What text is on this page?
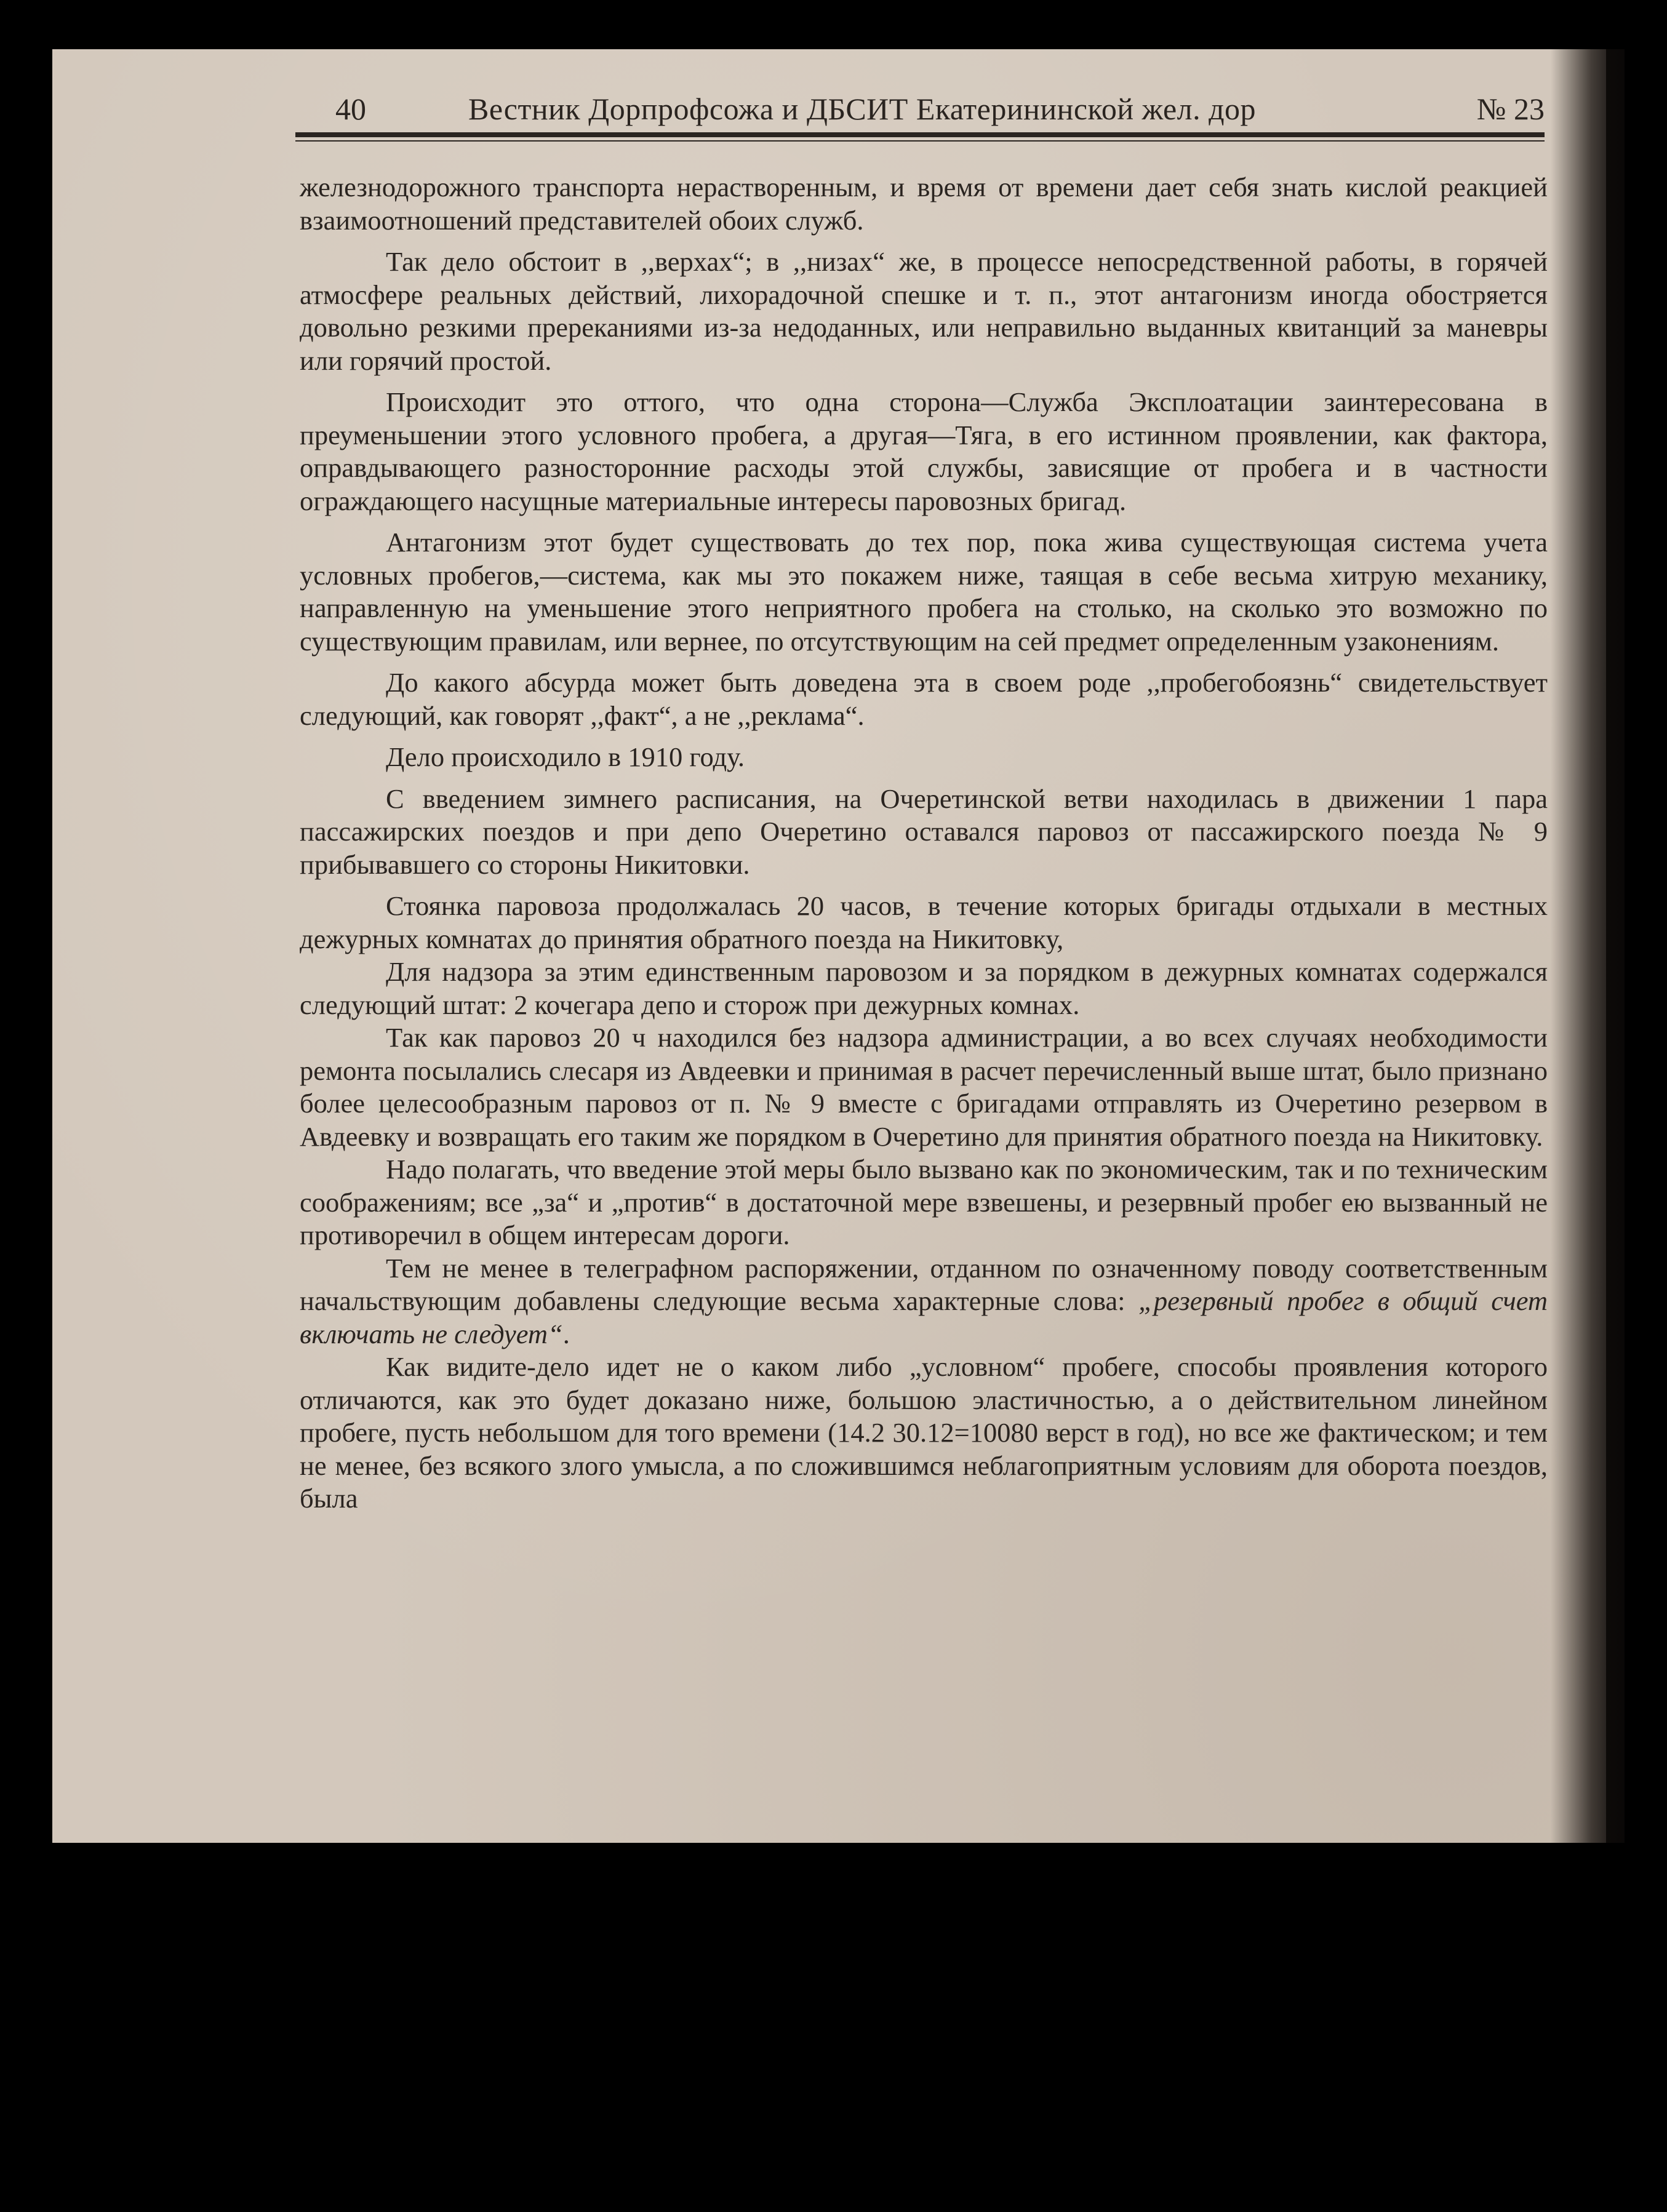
40	Вестник Дорпрофсожа и ДБСИТ Екатерининской жел. дор	№ 23

железнодорожного транспорта нерастворенным, и время от времени дает себя знать кислой реакцией взаимоотношений представителей обоих служб.

Так дело обстоит в ,,верхах“; в ,,низах“ же, в процессе непосредственной работы, в горячей атмосфере реальных действий, лихорадочной спешке и т. п., этот антагонизм иногда обостряется довольно резкими пререканиями из-за недоданных, или неправильно выданных квитанций за маневры или горячий простой.

Происходит это оттого, что одна сторона—Служба Эксплоатации заинтересована в преуменьшении этого условного пробега, а другая—Тяга, в его истинном проявлении, как фактора, оправдывающего разносторонние расходы этой службы, зависящие от пробега и в частности ограждающего насущные материальные интересы паровозных бригад.

Антагонизм этот будет существовать до тех пор, пока жива существующая система учета условных пробегов,—система, как мы это покажем ниже, таящая в себе весьма хитрую механику, направленную на уменьшение этого неприятного пробега на столько, на сколько это возможно по существующим правилам, или вернее, по отсутствующим на сей предмет определенным узаконениям.

До какого абсурда может быть доведена эта в своем роде ,,пробегобоязнь“ свидетельствует следующий, как говорят ,,факт“, а не ,,реклама“.

Дело происходило в 1910 году.

С введением зимнего расписания, на Очеретинской ветви находилась в движении 1 пара пассажирских поездов и при депо Очеретино оставался паровоз от пассажирского поезда № 9 прибывавшего со стороны Никитовки.

Стоянка паровоза продолжалась 20 часов, в течение которых бригады отдыхали в местных дежурных комнатах до принятия обратного поезда на Никитовку,

Для надзора за этим единственным паровозом и за порядком в дежурных комнатах содержался следующий штат: 2 кочегара депо и сторож при дежурных комнах.

Так как паровоз 20 ч находился без надзора администрации, а во всех случаях необходимости ремонта посылались слесаря из Авдеевки и принимая в расчет перечисленный выше штат, было признано более целесообразным паровоз от п. № 9 вместе с бригадами отправлять из Очеретино резервом в Авдеевку и возвращать его таким же порядком в Очеретино для принятия обратного поезда на Никитовку.

Надо полагать, что введение этой меры было вызвано как по экономическим, так и по техническим соображениям; все „за“ и „против“ в достаточной мере взвешены, и резервный пробег ею вызванный не противоречил в общем интересам дороги.

Тем не менее в телеграфном распоряжении, отданном по означенному поводу соответственным начальствующим добавлены следующие весьма характерные слова: „резервный пробег в общий счет включать не следует“.

Как видите-дело идет не о каком либо „условном“ пробеге, способы проявления которого отличаются, как это будет доказано ниже, большою эластичностью, а о действительном линейном пробеге, пусть небольшом для того времени (14.2 30.12=10080 верст в год), но все же фактическом; и тем не менее, без всякого злого умысла, а по сложившимся неблагоприятным условиям для оборота поездов, была
